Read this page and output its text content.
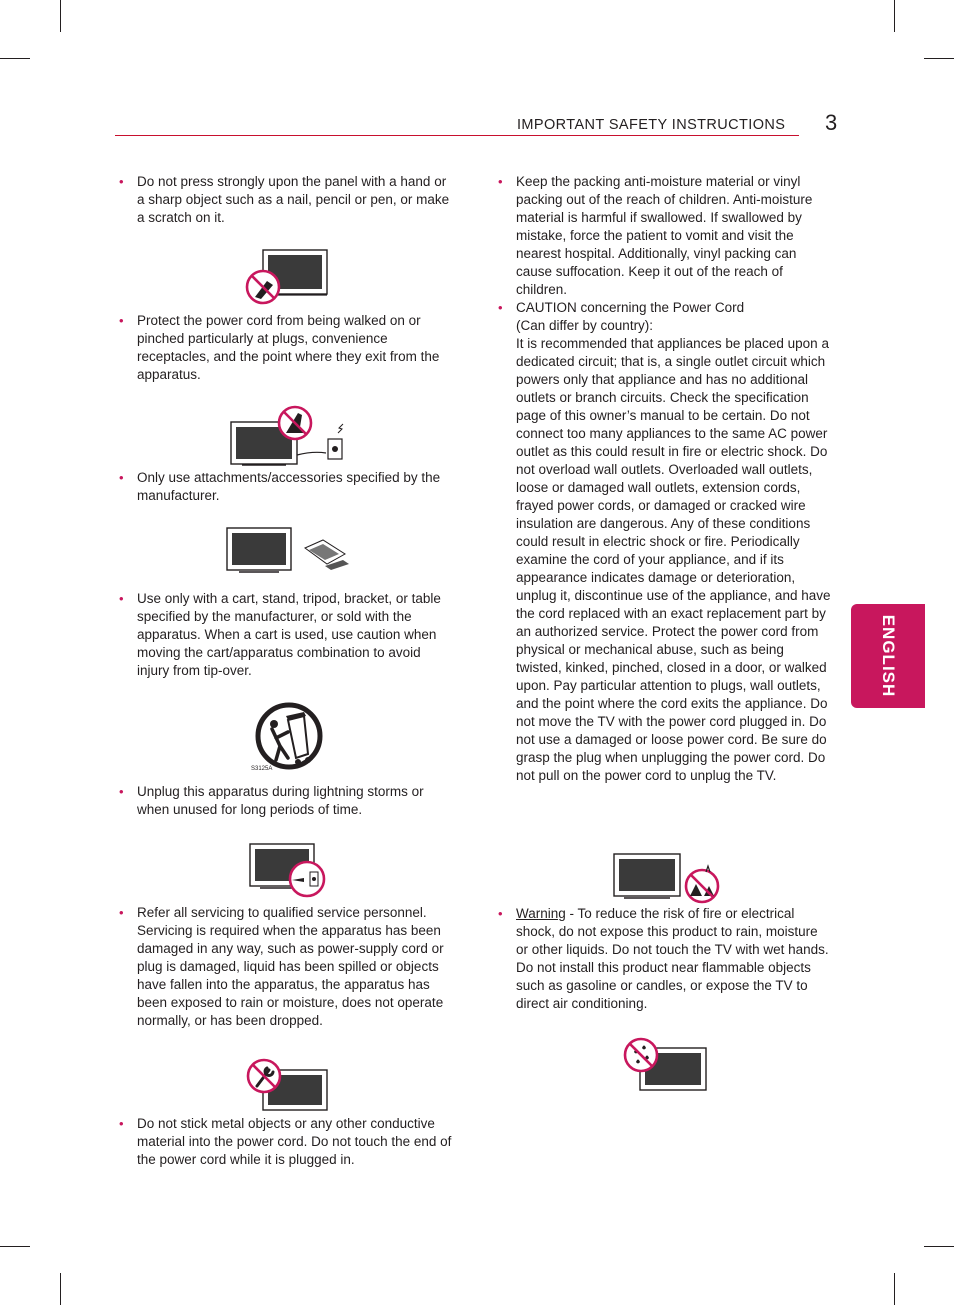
IMPORTANT SAFETY INSTRUCTIONS 3
ENGLISH
• Do not press strongly upon the panel with a hand or a sharp object such as a nail, pencil or pen, or make a scratch on it.

• Protect the power cord from being walked on or pinched particularly at plugs, convenience receptacles, and the point where they exit from the apparatus.

• Only use attachments/accessories specified by the manufacturer.

• Use only with a cart, stand, tripod, bracket, or table specified by the manufacturer, or sold with the apparatus. When a cart is used, use caution when moving the cart/apparatus combination to avoid injury from tip-over.

S3125A
• Unplug this apparatus during lightning storms or when unused for long periods of time.

• Refer all servicing to qualified service personnel. Servicing is required when the apparatus has been damaged in any way, such as power-supply cord or plug is damaged, liquid has been spilled or objects have fallen into the apparatus, the apparatus has been exposed to rain or moisture, does not operate normally, or has been dropped.

• Do not stick metal objects or any other conductive material into the power cord. Do not touch the end of the power cord while it is plugged in.

• Keep the packing anti-moisture material or vinyl packing out of the reach of children. Anti-moisture material is harmful if swallowed. If swallowed by mistake, force the patient to vomit and visit the nearest hospital. Additionally, vinyl packing can cause suffocation. Keep it out of the reach of children.

• CAUTION concerning the Power Cord

(Can differ by country):

It is recommended that appliances be placed upon a dedicated circuit; that is, a single outlet circuit which powers only that appliance and has no additional outlets or branch circuits. Check the specification page of this owner’s manual to be certain. Do not connect too many appliances to the same AC power outlet as this could result in fire or electric shock. Do not overload wall outlets. Overloaded wall outlets, loose or damaged wall outlets, extension cords, frayed power cords, or damaged or cracked wire insulation are dangerous. Any of these conditions could result in electric shock or fire. Periodically examine the cord of your appliance, and if its appearance indicates damage or deterioration, unplug it, discontinue use of the appliance, and have the cord replaced with an exact replacement part by an authorized service. Protect the power cord from physical or mechanical abuse, such as being twisted, kinked, pinched, closed in a door, or walked upon. Pay particular attention to plugs, wall outlets, and the point where the cord exits the appliance. Do not move the TV with the power cord plugged in. Do not use a damaged or loose power cord. Be sure do grasp the plug when unplugging the power cord. Do not pull on the power cord to unplug the TV.

• Warning - To reduce the risk of fire or electrical shock, do not expose this product to rain, moisture or other liquids. Do not touch the TV with wet hands. Do not install this product near flammable objects such as gasoline or candles, or expose the TV to direct air conditioning.
